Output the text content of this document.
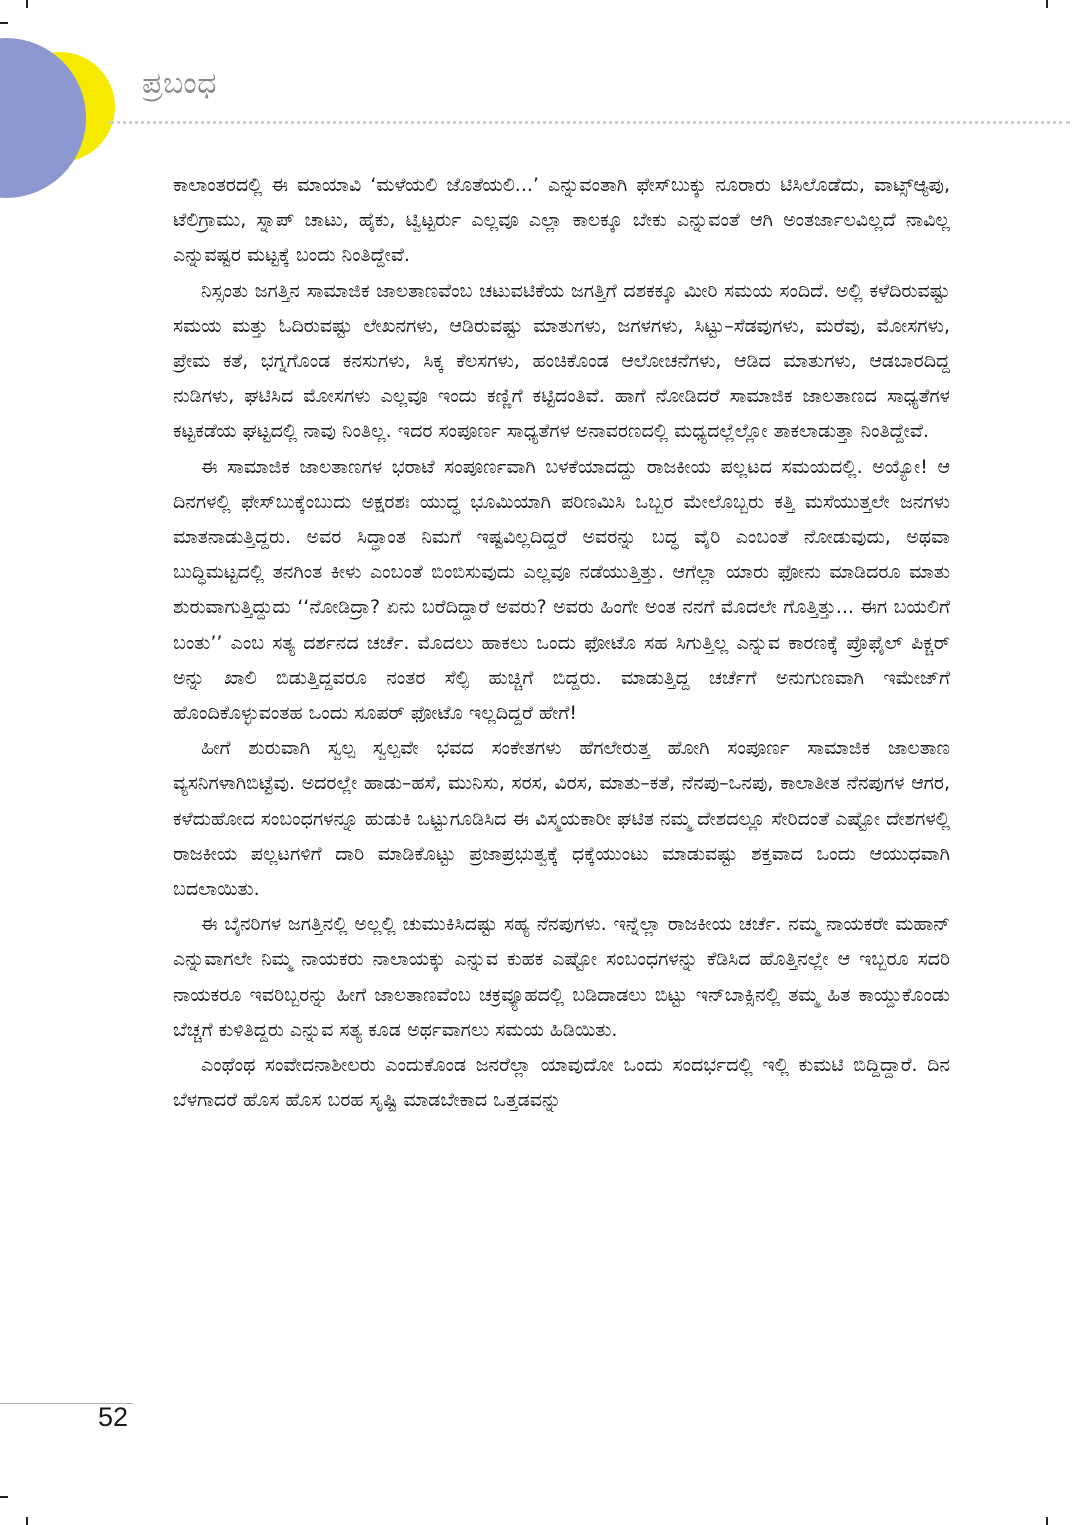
ಪ್ರಬಂಧ

ಕಾಲಾಂತರದಲ್ಲಿ ಈ ಮಾಯಾವಿ ‘ಮಳೆಯಲಿ ಜೊತೆಯಲಿ...’ ಎನ್ನುವಂತಾಗಿ ಫೇಸ್‌ಬುಕ್ಕು ನೂರಾರು ಟಿಸಿಲೊಡೆದು, ವಾಟ್ಸ್‌ಆ್ಯಪು, ಟೆಲಿಗ್ರಾಮು, ಸ್ನಾಪ್ ಚಾಟು, ಹೈಕು, ಟ್ವಿಟ್ಟರ್ರು ಎಲ್ಲವೂ ಎಲ್ಲಾ ಕಾಲಕ್ಕೂ ಬೇಕು ಎನ್ನುವಂತೆ ಆಗಿ ಅಂತರ್ಜಾಲವಿಲ್ಲದೆ ನಾವಿಲ್ಲ ಎನ್ನುವಷ್ಟರ ಮಟ್ಟಕ್ಕೆ ಬಂದು ನಿಂತಿದ್ದೇವೆ.

ನಿಸ್ಸಂತು ಜಗತ್ತಿನ ಸಾಮಾಜಿಕ ಜಾಲತಾಣವೆಂಬ ಚಟುವಟಿಕೆಯ ಜಗತ್ತಿಗೆ ದಶಕಕ್ಕೂ ಮೀರಿ ಸಮಯ ಸಂದಿದೆ. ಅಲ್ಲಿ ಕಳೆದಿರುವಷ್ಟು ಸಮಯ ಮತ್ತು ಓದಿರುವಷ್ಟು ಲೇಖನಗಳು, ಆಡಿರುವಷ್ಟು ಮಾತುಗಳು, ಜಗಳಗಳು, ಸಿಟ್ಟು–ಸೆಡವುಗಳು, ಮರೆವು, ಮೋಸಗಳು, ಪ್ರೇಮ ಕತೆ, ಭಗ್ನಗೊಂಡ ಕನಸುಗಳು, ಸಿಕ್ಕ ಕೆಲಸಗಳು, ಹಂಚಿಕೊಂಡ ಆಲೋಚನೆಗಳು, ಆಡಿದ ಮಾತುಗಳು, ಆಡಬಾರದಿದ್ದ ನುಡಿಗಳು, ಘಟಿಸಿದ ಮೋಸಗಳು ಎಲ್ಲವೂ ಇಂದು ಕಣ್ಣಿಗೆ ಕಟ್ಟಿದಂತಿವೆ. ಹಾಗೆ ನೋಡಿದರೆ ಸಾಮಾಜಿಕ ಜಾಲತಾಣದ ಸಾಧ್ಯತೆಗಳ ಕಟ್ಟಕಡೆಯ ಘಟ್ಟದಲ್ಲಿ ನಾವು ನಿಂತಿಲ್ಲ. ಇದರ ಸಂಪೂರ್ಣ ಸಾಧ್ಯತೆಗಳ ಅನಾವರಣದಲ್ಲಿ ಮಧ್ಯದಲ್ಲೆಲ್ಲೋ ತಾಕಲಾಡುತ್ತಾ ನಿಂತಿದ್ದೇವೆ.

ಈ ಸಾಮಾಜಿಕ ಜಾಲತಾಣಗಳ ಭರಾಟೆ ಸಂಪೂರ್ಣವಾಗಿ ಬಳಕೆಯಾದದ್ದು ರಾಜಕೀಯ ಪಲ್ಲಟದ ಸಮಯದಲ್ಲಿ. ಅಯ್ಯೋ! ಆ ದಿನಗಳಲ್ಲಿ ಫೇಸ್‌ಬುಕ್ಕೆಂಬುದು ಅಕ್ಷರಶಃ ಯುದ್ಧ ಭೂಮಿಯಾಗಿ ಪರಿಣಮಿಸಿ ಒಬ್ಬರ ಮೇಲೊಬ್ಬರು ಕತ್ತಿ ಮಸೆಯುತ್ತಲೇ ಜನಗಳು ಮಾತನಾಡುತ್ತಿದ್ದರು. ಅವರ ಸಿದ್ಧಾಂತ ನಿಮಗೆ ಇಷ್ಟವಿಲ್ಲದಿದ್ದರೆ ಅವರನ್ನು ಬದ್ಧ ವೈರಿ ಎಂಬಂತೆ ನೋಡುವುದು, ಅಥವಾ ಬುದ್ಧಿಮಟ್ಟದಲ್ಲಿ ತನಗಿಂತ ಕೀಳು ಎಂಬಂತೆ ಬಿಂಬಿಸುವುದು ಎಲ್ಲವೂ ನಡೆಯುತ್ತಿತ್ತು. ಆಗೆಲ್ಲಾ ಯಾರು ಫೋನು ಮಾಡಿದರೂ ಮಾತು ಶುರುವಾಗುತ್ತಿದ್ದುದು ‘‘ನೋಡಿದ್ರಾ? ಏನು ಬರೆದಿದ್ದಾರೆ ಅವರು? ಅವರು ಹಿಂಗೇ ಅಂತ ನನಗೆ ಮೊದಲೇ ಗೊತ್ತಿತ್ತು... ಈಗ ಬಯಲಿಗೆ ಬಂತು’’ ಎಂಬ ಸತ್ಯ ದರ್ಶನದ ಚರ್ಚೆ. ಮೊದಲು ಹಾಕಲು ಒಂದು ಫೋಟೊ ಸಹ ಸಿಗುತ್ತಿಲ್ಲ ಎನ್ನುವ ಕಾರಣಕ್ಕೆ ಪ್ರೊಫೈಲ್ ಪಿಕ್ಚರ್ ಅನ್ನು ಖಾಲಿ ಬಿಡುತ್ತಿದ್ದವರೂ ನಂತರ ಸೆಲ್ಫಿ ಹುಚ್ಚಿಗೆ ಬಿದ್ದರು. ಮಾಡುತ್ತಿದ್ದ ಚರ್ಚೆಗೆ ಅನುಗುಣವಾಗಿ ಇಮೇಜ್‌ಗೆ ಹೊಂದಿಕೊಳ್ಳುವಂತಹ ಒಂದು ಸೂಪರ್ ಫೋಟೊ ಇಲ್ಲದಿದ್ದರೆ ಹೇಗೆ!

ಹೀಗೆ ಶುರುವಾಗಿ ಸ್ವಲ್ಪ ಸ್ವಲ್ಪವೇ ಭವದ ಸಂಕೇತಗಳು ಹೆಗಲೇರುತ್ತ ಹೋಗಿ ಸಂಪೂರ್ಣ ಸಾಮಾಜಿಕ ಜಾಲತಾಣ ವ್ಯಸನಿಗಳಾಗಿಬಿಟ್ಟೆವು. ಅದರಲ್ಲೇ ಹಾಡು–ಹಸೆ, ಮುನಿಸು, ಸರಸ, ವಿರಸ, ಮಾತು–ಕತೆ, ನೆನಪು–ಒನಪು, ಕಾಲಾತೀತ ನೆನಪುಗಳ ಆಗರ, ಕಳೆದುಹೋದ ಸಂಬಂಧಗಳನ್ನೂ ಹುಡುಕಿ ಒಟ್ಟುಗೂಡಿಸಿದ ಈ ವಿಸ್ಮಯಕಾರೀ ಘಟಿತ ನಮ್ಮ ದೇಶದಲ್ಲೂ ಸೇರಿದಂತೆ ಎಷ್ಟೋ ದೇಶಗಳಲ್ಲಿ ರಾಜಕೀಯ ಪಲ್ಲಟಗಳಿಗೆ ದಾರಿ ಮಾಡಿಕೊಟ್ಟು ಪ್ರಜಾಪ್ರಭುತ್ವಕ್ಕೆ ಧಕ್ಕೆಯುಂಟು ಮಾಡುವಷ್ಟು ಶಕ್ತವಾದ ಒಂದು ಆಯುಧವಾಗಿ ಬದಲಾಯಿತು.

ಈ ಬೈನರಿಗಳ ಜಗತ್ತಿನಲ್ಲಿ ಅಲ್ಲಲ್ಲಿ ಚುಮುಕಿಸಿದಷ್ಟು ಸಹ್ಯ ನೆನಪುಗಳು. ಇನ್ನೆಲ್ಲಾ ರಾಜಕೀಯ ಚರ್ಚೆ. ನಮ್ಮ ನಾಯಕರೇ ಮಹಾನ್ ಎನ್ನುವಾಗಲೇ ನಿಮ್ಮ ನಾಯಕರು ನಾಲಾಯಕ್ಕು ಎನ್ನುವ ಕುಹಕ ಎಷ್ಟೋ ಸಂಬಂಧಗಳನ್ನು ಕೆಡಿಸಿದ ಹೊತ್ತಿನಲ್ಲೇ ಆ ಇಬ್ಬರೂ ಸದರಿ ನಾಯಕರೂ ಇವರಿಬ್ಬರನ್ನು ಹೀಗೆ ಜಾಲತಾಣವೆಂಬ ಚಕ್ರವ್ಯೂಹದಲ್ಲಿ ಬಡಿದಾಡಲು ಬಿಟ್ಟು ಇನ್‌ಬಾಕ್ಸಿನಲ್ಲಿ ತಮ್ಮ ಹಿತ ಕಾಯ್ದುಕೊಂಡು ಬೆಚ್ಚಗೆ ಕುಳಿತಿದ್ದರು ಎನ್ನುವ ಸತ್ಯ ಕೂಡ ಅರ್ಥವಾಗಲು ಸಮಯ ಹಿಡಿಯಿತು.

ಎಂಥೆಂಥ ಸಂವೇದನಾಶೀಲರು ಎಂದುಕೊಂಡ ಜನರೆಲ್ಲಾ ಯಾವುದೋ ಒಂದು ಸಂದರ್ಭದಲ್ಲಿ ಇಲ್ಲಿ ಕುಮಟಿ ಬಿದ್ದಿದ್ದಾರೆ. ದಿನ ಬೆಳಗಾದರೆ ಹೊಸ ಹೊಸ ಬರಹ ಸೃಷ್ಟಿ ಮಾಡಬೇಕಾದ ಒತ್ತಡವನ್ನು

52
